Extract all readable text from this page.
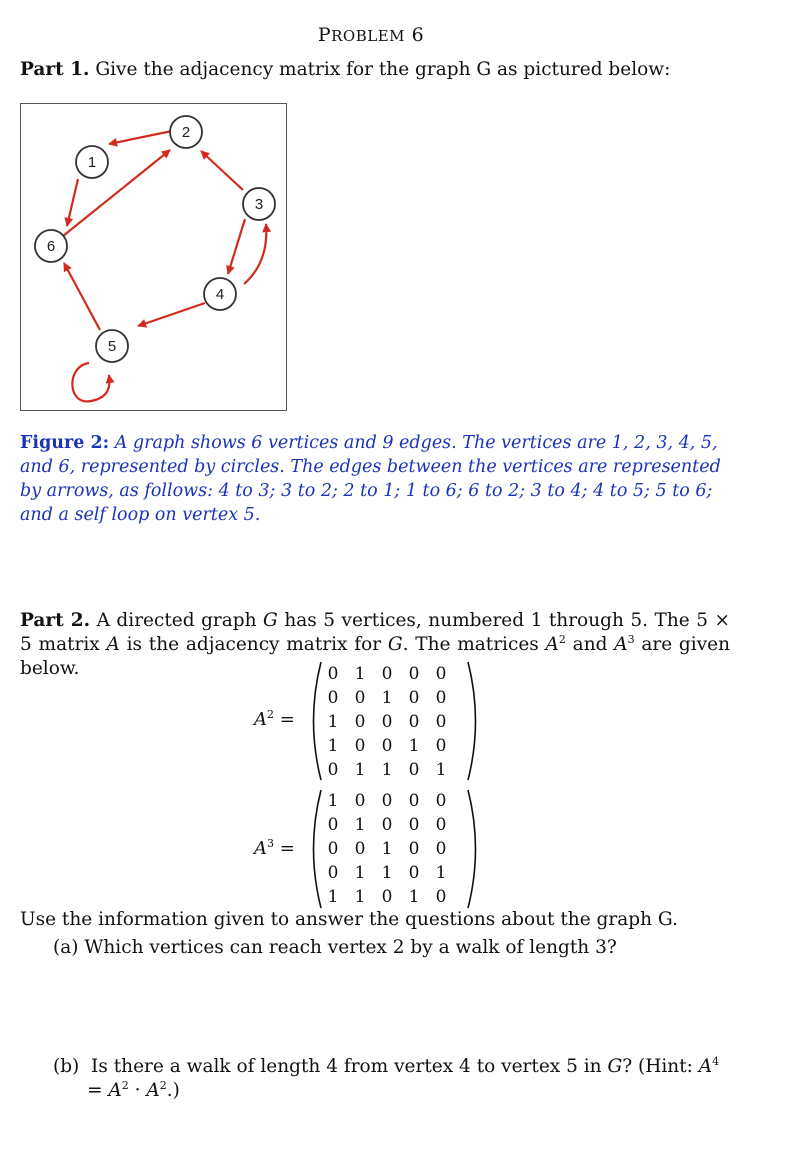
PROBLEM 6
Part 1. Give the adjacency matrix for the graph G as pictured below:
1
2
3
4
5
6
Figure 2: A graph shows 6 vertices and 9 edges. The vertices are 1, 2, 3, 4, 5, and 6, represented by circles. The edges between the vertices are represented by arrows, as follows: 4 to 3; 3 to 2; 2 to 1; 1 to 6; 6 to 2; 3 to 4; 4 to 5; 5 to 6; and a self loop on vertex 5.
Part 2. A directed graph G has 5 vertices, numbered 1 through 5. The 5 × 5 matrix A is the adjacency matrix for G. The matrices $A^2$ and $A^3$ are given below.
$A^2$ =
0 1 0 0 0
0 0 1 0 0
1 0 0 0 0
1 0 0 1 0
0 1 1 0 1
$A^3$ =
1 0 0 0 0
0 1 0 0 0
0 0 1 0 0
0 1 1 0 1
1 1 0 1 0
Use the information given to answer the questions about the graph G.
(a) Which vertices can reach vertex 2 by a walk of length 3?
(b) Is there a walk of length 4 from vertex 4 to vertex 5 in G? (Hint: $A^4 = A^2 \cdot A^2$.)
